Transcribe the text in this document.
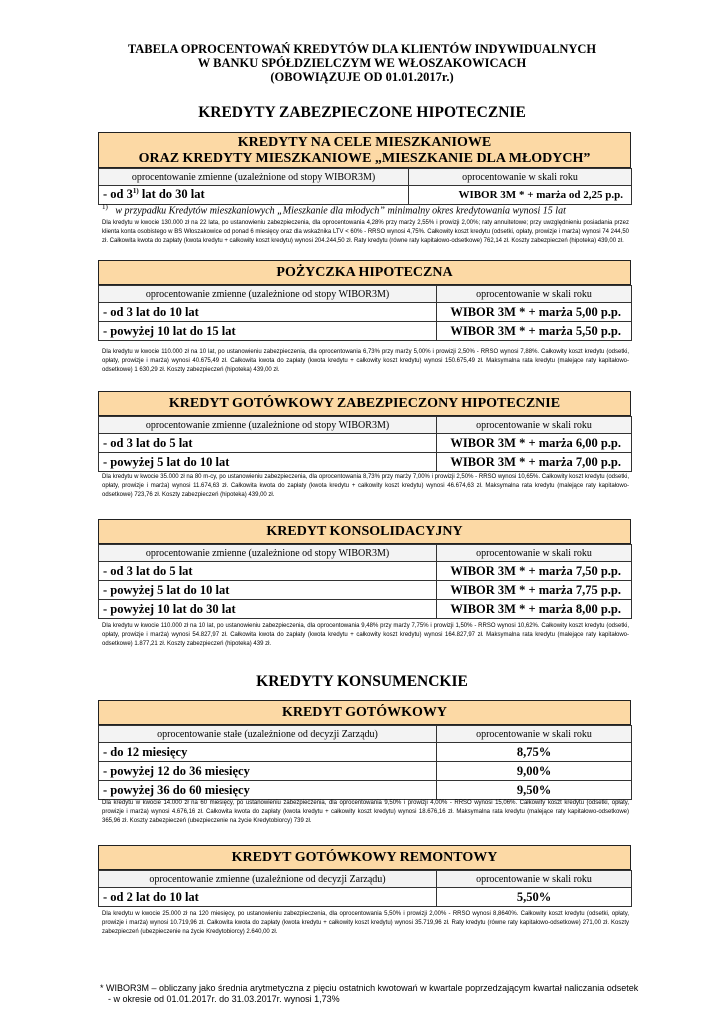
TABELA OPROCENTOWAŃ KREDYTÓW DLA KLIENTÓW INDYWIDUALNYCH
W BANKU SPÓŁDZIELCZYM WE WŁOSZAKOWICACH
(OBOWIĄZUJE OD 01.01.2017r.)
KREDYTY ZABEZPIECZONE HIPOTECZNIE
KREDYTY NA CELE MIESZKANIOWE
ORAZ KREDYTY MIESZKANIOWE „MIESZKANIE DLA MŁODYCH”
oprocentowanie zmienne (uzależnione od stopy WIBOR3M)	oprocentowanie w skali roku
- od 3$^{1)}$ lat do 30 lat	WIBOR 3M * + marża od 2,25 p.p.
$^{1)}$ w przypadku Kredytów mieszkaniowych „Mieszkanie dla młodych” minimalny okres kredytowania wynosi 15 lat
Dla kredytu w kwocie 130.000 zł na 22 lata, po ustanowieniu zabezpieczenia, dla oprocentowania 4,28% przy marży 2,55% i prowizji 2,00%; raty annuitetowe; przy uwzględnieniu posiadania przez klienta konta osobistego w BS Włoszakowice od ponad 6 miesięcy oraz dla wskaźnika LTV < 60% - RRSO wynosi 4,75%. Całkowity koszt kredytu (odsetki, opłaty, prowizje i marża) wynosi 74 244,50 zł. Całkowita kwota do zapłaty (kwota kredytu + całkowity koszt kredytu) wynosi 204.244,50 zł. Raty kredytu (równe raty kapitałowo-odsetkowe) 762,14 zł. Koszty zabezpieczeń (hipoteka) 439,00 zł.
POŻYCZKA HIPOTECZNA
oprocentowanie zmienne (uzależnione od stopy WIBOR3M)	oprocentowanie w skali roku
- od 3 lat do 10 lat	WIBOR 3M * + marża 5,00 p.p.
- powyżej 10 lat do 15 lat	WIBOR 3M * + marża 5,50 p.p.
Dla kredytu w kwocie 110.000 zł na 10 lat, po ustanowieniu zabezpieczenia, dla oprocentowania 6,73% przy marży 5,00% i prowizji 2,50% - RRSO wynosi 7,88%. Całkowity koszt kredytu (odsetki, opłaty, prowizje i marża) wynosi 40.675,49 zł. Całkowita kwota do zapłaty (kwota kredytu + całkowity koszt kredytu) wynosi 150.675,49 zł. Maksymalna rata kredytu (malejące raty kapitałowo-odsetkowe) 1 630,29 zł. Koszty zabezpieczeń (hipoteka) 439,00 zł.
KREDYT GOTÓWKOWY ZABEZPIECZONY HIPOTECZNIE
oprocentowanie zmienne (uzależnione od stopy WIBOR3M)	oprocentowanie w skali roku
- od 3 lat do 5 lat	WIBOR 3M * + marża 6,00 p.p.
- powyżej 5 lat do 10 lat	WIBOR 3M * + marża 7,00 p.p.
Dla kredytu w kwocie 35.000 zł na 80 m-cy, po ustanowieniu zabezpieczenia, dla oprocentowania 8,73% przy marży 7,00% i prowizji 2,50% - RRSO wynosi 10,65%. Całkowity koszt kredytu (odsetki, opłaty, prowizje i marża) wynosi 11.674,63 zł. Całkowita kwota do zapłaty (kwota kredytu + całkowity koszt kredytu) wynosi 46.674,63 zł. Maksymalna rata kredytu (malejące raty kapitałowo-odsetkowe) 723,76 zł. Koszty zabezpieczeń (hipoteka) 439,00 zł.
KREDYT KONSOLIDACYJNY
oprocentowanie zmienne (uzależnione od stopy WIBOR3M)	oprocentowanie w skali roku
- od 3 lat do 5 lat	WIBOR 3M * + marża 7,50 p.p.
- powyżej 5 lat do 10 lat	WIBOR 3M * + marża 7,75 p.p.
- powyżej 10 lat do 30 lat	WIBOR 3M * + marża 8,00 p.p.
Dla kredytu w kwocie 110.000 zł na 10 lat, po ustanowieniu zabezpieczenia, dla oprocentowania 9,48% przy marży 7,75% i prowizji 1,50% - RRSO wynosi 10,62%. Całkowity koszt kredytu (odsetki, opłaty, prowizje i marża) wynosi 54.827,97 zł. Całkowita kwota do zapłaty (kwota kredytu + całkowity koszt kredytu) wynosi 164.827,97 zł. Maksymalna rata kredytu (malejące raty kapitałowo-odsetkowe) 1.877,21 zł. Koszty zabezpieczeń (hipoteka) 439 zł.
KREDYTY KONSUMENCKIE
KREDYT GOTÓWKOWY
oprocentowanie stałe (uzależnione od decyzji Zarządu)	oprocentowanie w skali roku
- do 12 miesięcy	8,75%
- powyżej 12 do 36 miesięcy	9,00%
- powyżej 36 do 60 miesięcy	9,50%
Dla kredytu w kwocie 14.000 zł na 60 miesięcy, po ustanowieniu zabezpieczenia, dla oprocentowania 9,50% i prowizji 4,00% - RRSO wynosi 15,06%. Całkowity koszt kredytu (odsetki, opłaty, prowizje i marża) wynosi 4.676,16 zł. Całkowita kwota do zapłaty (kwota kredytu + całkowity koszt kredytu) wynosi 18.676,16 zł. Maksymalna rata kredytu (malejące raty kapitałowo-odsetkowe) 365,96 zł. Koszty zabezpieczeń (ubezpieczenie na życie Kredytobiorcy) 739 zł.
KREDYT GOTÓWKOWY REMONTOWY
oprocentowanie zmienne (uzależnione od decyzji Zarządu)	oprocentowanie w skali roku
- od 2 lat do 10 lat	5,50%
Dla kredytu w kwocie 25.000 zł na 120 miesięcy, po ustanowieniu zabezpieczenia, dla oprocentowania 5,50% i prowizji 2,00% - RRSO wynosi 8,8640%. Całkowity koszt kredytu (odsetki, opłaty, prowizje i marża) wynosi 10.719,96 zł. Całkowita kwota do zapłaty (kwota kredytu + całkowity koszt kredytu) wynosi 35.719,96 zł. Raty kredytu (równe raty kapitałowo-odsetkowe) 271,00 zł. Koszty zabezpieczeń (ubezpieczenie na życie Kredytobiorcy) 2.640,00 zł.
* WIBOR3M – obliczany jako średnia arytmetyczna z pięciu ostatnich kwotowań w kwartale poprzedzającym kwartał naliczania odsetek
- w okresie od 01.01.2017r. do 31.03.2017r. wynosi 1,73%
